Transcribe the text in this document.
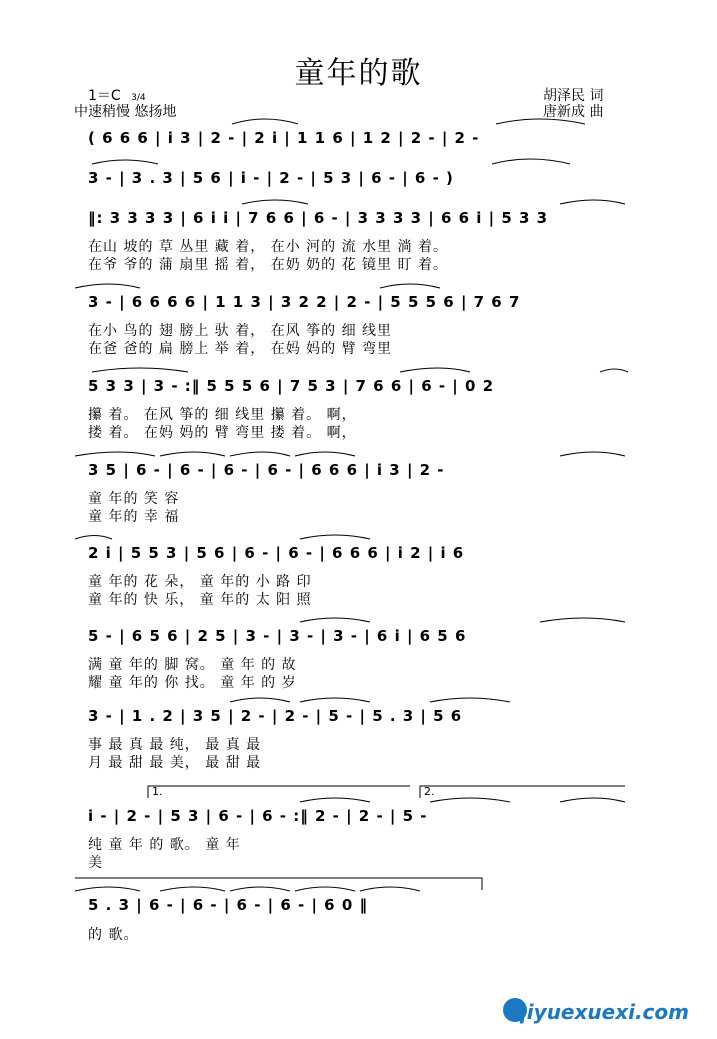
童年的歌
1＝C 3/4
中速稍慢 悠扬地
胡泽民 词
唐新成 曲
( 6 6 6 | i 3 | 2 - | 2 i | 1 1 6 | 1 2 | 2 - | 2 -
3 - | 3 . 3 | 5 6 | i - | 2 - | 5 3 | 6 - | 6 - )
‖: 3 3 3 3 | 6 i i | 7 6 6 | 6 - | 3 3 3 3 | 6 6 i | 5 3 3
在山 坡的 草 丛里 藏 着， 在小 河的 流 水里 淌 着。
在爷 爷的 蒲 扇里 摇 着， 在奶 奶的 花 镜里 盯 着。
3 - | 6 6 6 6 | 1 1 3 | 3 2 2 | 2 - | 5 5 5 6 | 7 6 7
在小 鸟的 翅 膀上 驮 着， 在风 筝的 细 线里
在爸 爸的 扁 膀上 举 着， 在妈 妈的 臂 弯里
5 3 3 | 3 - :‖ 5 5 5 6 | 7 5 3 | 7 6 6 | 6 - | 0 2
攥 着。 在风 筝的 细 线里 攥 着。 啊，
搂 着。 在妈 妈的 臂 弯里 搂 着。 啊，
3 5 | 6 - | 6 - | 6 - | 6 - | 6 6 6 | i 3 | 2 -
童 年的 笑 容
童 年的 幸 福
2 i | 5 5 3 | 5 6 | 6 - | 6 - | 6 6 6 | i 2 | i 6
童 年的 花 朵， 童 年的 小 路 印
童 年的 快 乐， 童 年的 太 阳 照
5 - | 6 5 6 | 2 5 | 3 - | 3 - | 3 - | 6 i | 6 5 6
满 童 年的 脚 窝。 童 年 的 故
耀 童 年的 你 找。 童 年 的 岁
3 - | 1 . 2 | 3 5 | 2 - | 2 - | 5 - | 5 . 3 | 5 6
事 最 真 最 纯， 最 真 最
月 最 甜 最 美， 最 甜 最
1.	2.
i - | 2 - | 5 3 | 6 - | 6 - :‖ 2 - | 2 - | 5 -
纯 童 年 的 歌。 童 年
美
5 . 3 | 6 - | 6 - | 6 - | 6 - | 6 0 ‖
的 歌。
qiyuexuexi.com
